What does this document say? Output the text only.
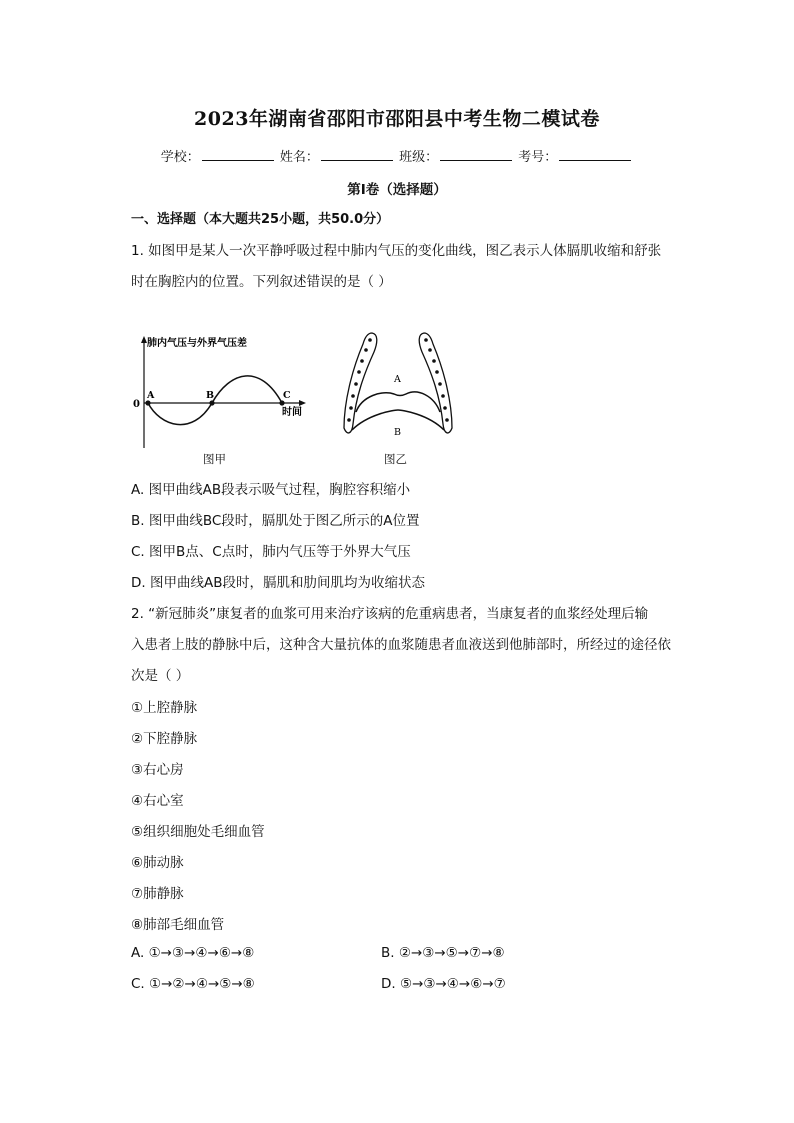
2023年湖南省邵阳市邵阳县中考生物二模试卷
学校：	姓名：	班级：	考号：
第Ⅰ卷（选择题）
一、选择题（本大题共25小题，共50.0分）
1. 如图甲是某人一次平静呼吸过程中肺内气压的变化曲线，图乙表示人体膈肌收缩和舒张
时在胸腔内的位置。下列叙述错误的是（ ）
肺内气压与外界气压差
0
A	B	C
时间
图甲
A
B
图乙
A. 图甲曲线AB段表示吸气过程，胸腔容积缩小
B. 图甲曲线BC段时，膈肌处于图乙所示的A位置
C. 图甲B点、C点时，肺内气压等于外界大气压
D. 图甲曲线AB段时，膈肌和肋间肌均为收缩状态
2. “新冠肺炎”康复者的血浆可用来治疗该病的危重病患者，当康复者的血浆经处理后输
入患者上肢的静脉中后，这种含大量抗体的血浆随患者血液送到他肺部时，所经过的途径依
次是（ ）
①上腔静脉
②下腔静脉
③右心房
④右心室
⑤组织细胞处毛细血管
⑥肺动脉
⑦肺静脉
⑧肺部毛细血管
A. ①→③→④→⑥→⑧	B. ②→③→⑤→⑦→⑧
C. ①→②→④→⑤→⑧	D. ⑤→③→④→⑥→⑦
